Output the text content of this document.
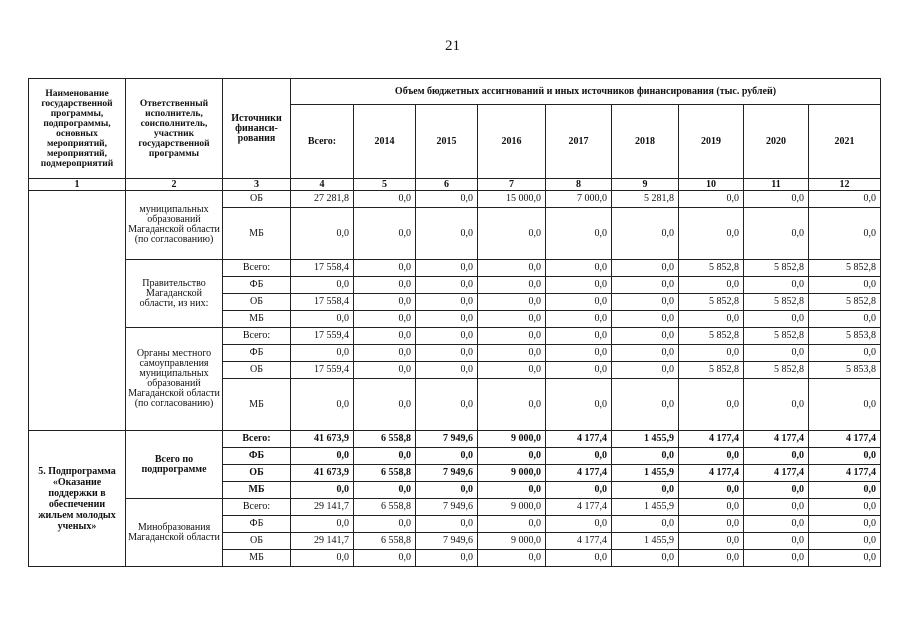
21
Наименование государственной программы, подпрограммы, основных мероприятий, мероприятий, подмероприятий	Ответственный исполнитель, соисполнитель, участник государственной программы	Источники финанси-рования	Объем бюджетных ассигнований и иных источников финансирования (тыс. рублей)								
			Всего:	2014	2015	2016	2017	2018	2019	2020	2021
1	2	3	4	5	6	7	8	9	10	11	12
	муниципальных образований Магаданской области (по согласованию)	ОБ	27 281,8	0,0	0,0	15 000,0	7 000,0	5 281,8	0,0	0,0	0,0
		МБ	0,0	0,0	0,0	0,0	0,0	0,0	0,0	0,0	0,0
	Правительство Магаданской области, из них:	Всего:	17 558,4	0,0	0,0	0,0	0,0	0,0	5 852,8	5 852,8	5 852,8
		ФБ	0,0	0,0	0,0	0,0	0,0	0,0	0,0	0,0	0,0
		ОБ	17 558,4	0,0	0,0	0,0	0,0	0,0	5 852,8	5 852,8	5 852,8
		МБ	0,0	0,0	0,0	0,0	0,0	0,0	0,0	0,0	0,0
	Органы местного самоуправления муниципальных образований Магаданской области (по согласованию)	Всего:	17 559,4	0,0	0,0	0,0	0,0	0,0	5 852,8	5 852,8	5 853,8
		ФБ	0,0	0,0	0,0	0,0	0,0	0,0	0,0	0,0	0,0
		ОБ	17 559,4	0,0	0,0	0,0	0,0	0,0	5 852,8	5 852,8	5 853,8
		МБ	0,0	0,0	0,0	0,0	0,0	0,0	0,0	0,0	0,0
5. Подпрограмма «Оказание поддержки в обеспечении жильем молодых ученых»	Всего по подпрограмме	Всего:	41 673,9	6 558,8	7 949,6	9 000,0	4 177,4	1 455,9	4 177,4	4 177,4	4 177,4
		ФБ	0,0	0,0	0,0	0,0	0,0	0,0	0,0	0,0	0,0
		ОБ	41 673,9	6 558,8	7 949,6	9 000,0	4 177,4	1 455,9	4 177,4	4 177,4	4 177,4
		МБ	0,0	0,0	0,0	0,0	0,0	0,0	0,0	0,0	0,0
	Минобразования Магаданской области	Всего:	29 141,7	6 558,8	7 949,6	9 000,0	4 177,4	1 455,9	0,0	0,0	0,0
		ФБ	0,0	0,0	0,0	0,0	0,0	0,0	0,0	0,0	0,0
		ОБ	29 141,7	6 558,8	7 949,6	9 000,0	4 177,4	1 455,9	0,0	0,0	0,0
		МБ	0,0	0,0	0,0	0,0	0,0	0,0	0,0	0,0	0,0
